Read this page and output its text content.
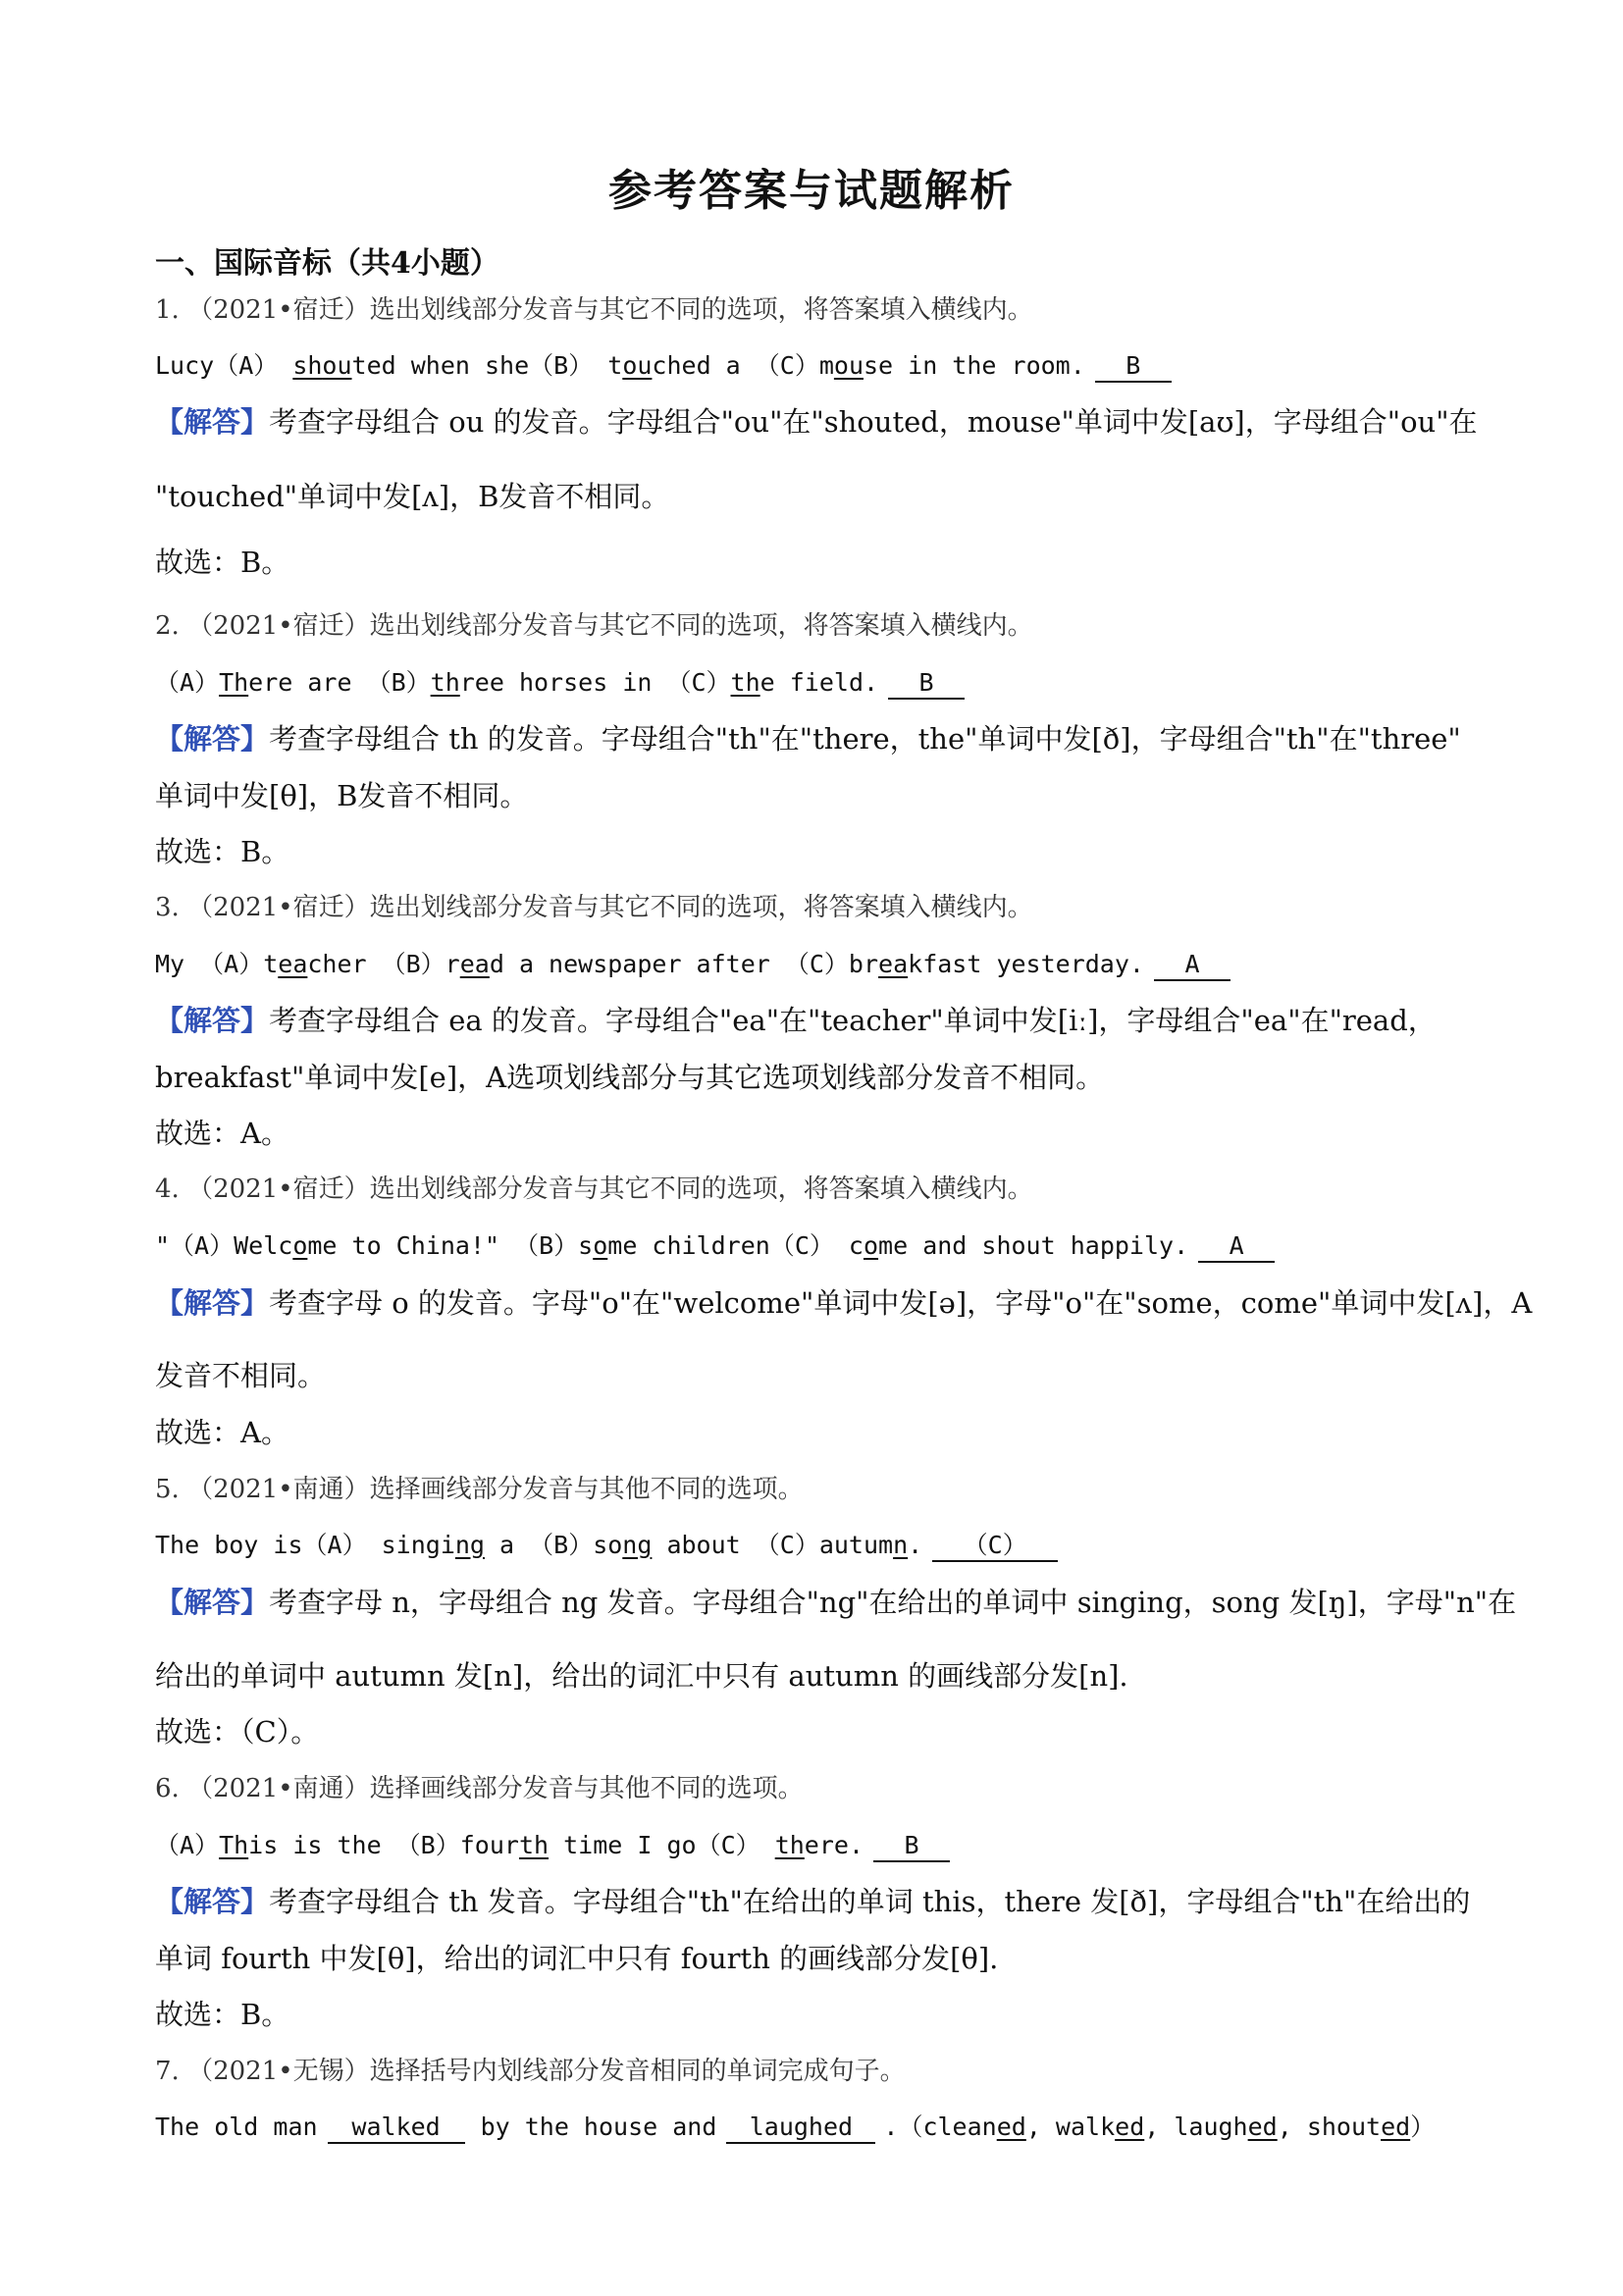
参考答案与试题解析
一、国际音标（共4小题）
1. （2021•宿迁）选出划线部分发音与其它不同的选项，将答案填入横线内。
Lucy（A） shouted when she（B） touched a （C）mouse in the room. B
【解答】考查字母组合 ou 的发音。字母组合"ou"在"shouted，mouse"单词中发[aʊ]，字母组合"ou"在
"touched"单词中发[ʌ]，B发音不相同。
故选：B。
2. （2021•宿迁）选出划线部分发音与其它不同的选项，将答案填入横线内。
（A）There are （B）three horses in （C）the field. B
【解答】考查字母组合 th 的发音。字母组合"th"在"there，the"单词中发[ð]，字母组合"th"在"three"
单词中发[θ]，B发音不相同。
故选：B。
3. （2021•宿迁）选出划线部分发音与其它不同的选项，将答案填入横线内。
My （A）teacher （B）read a newspaper after （C）breakfast yesterday. A
【解答】考查字母组合 ea 的发音。字母组合"ea"在"teacher"单词中发[iː]，字母组合"ea"在"read，
breakfast"单词中发[e]，A选项划线部分与其它选项划线部分发音不相同。
故选：A。
4. （2021•宿迁）选出划线部分发音与其它不同的选项，将答案填入横线内。
"（A）Welcome to China!" （B）some children（C） come and shout happily. A
【解答】考查字母 o 的发音。字母"o"在"welcome"单词中发[ə]，字母"o"在"some，come"单词中发[ʌ]，A
发音不相同。
故选：A。
5. （2021•南通）选择画线部分发音与其他不同的选项。
The boy is（A） singing a （B）song about （C）autumn. （C）
【解答】考查字母 n，字母组合 ng 发音。字母组合"ng"在给出的单词中 singing，song 发[ŋ]，字母"n"在
给出的单词中 autumn 发[n]，给出的词汇中只有 autumn 的画线部分发[n].
故选：（C）。
6. （2021•南通）选择画线部分发音与其他不同的选项。
（A）This is the （B）fourth time I go（C） there. B
【解答】考查字母组合 th 发音。字母组合"th"在给出的单词 this，there 发[ð]，字母组合"th"在给出的
单词 fourth 中发[θ]，给出的词汇中只有 fourth 的画线部分发[θ].
故选：B。
7. （2021•无锡）选择括号内划线部分发音相同的单词完成句子。
The old man walked by the house and laughed .（cleaned, walked, laughed, shouted）
